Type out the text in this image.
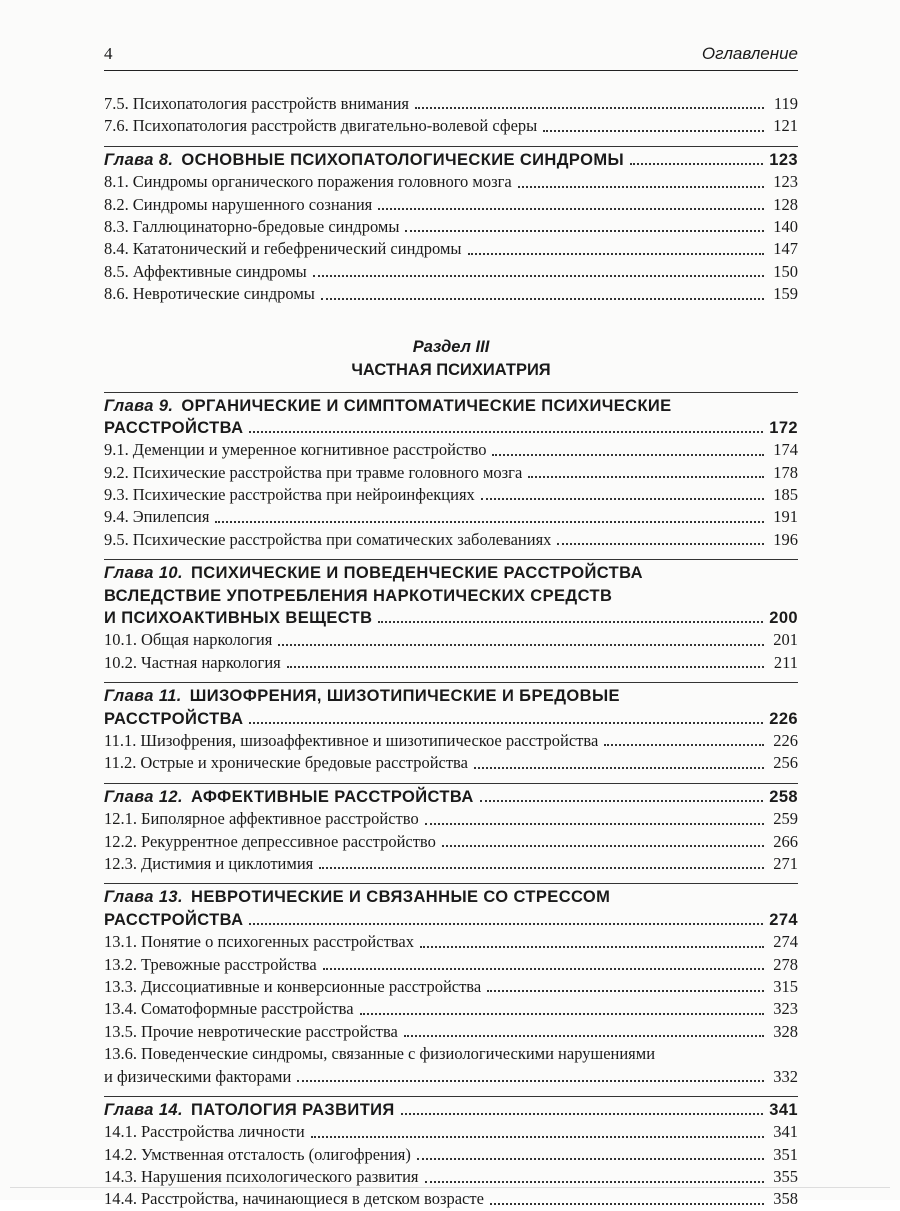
4	Оглавление
7.5. Психопатология расстройств внимания	119
7.6. Психопатология расстройств двигательно-волевой сферы	121
Глава 8. ОСНОВНЫЕ ПСИХОПАТОЛОГИЧЕСКИЕ СИНДРОМЫ	123
8.1. Синдромы органического поражения головного мозга	123
8.2. Синдромы нарушенного сознания	128
8.3. Галлюцинаторно-бредовые синдромы	140
8.4. Кататонический и гебефренический синдромы	147
8.5. Аффективные синдромы	150
8.6. Невротические синдромы	159
Раздел III
ЧАСТНАЯ ПСИХИАТРИЯ
Глава 9. ОРГАНИЧЕСКИЕ И СИМПТОМАТИЧЕСКИЕ ПСИХИЧЕСКИЕ
РАССТРОЙСТВА	172
9.1. Деменции и умеренное когнитивное расстройство	174
9.2. Психические расстройства при травме головного мозга	178
9.3. Психические расстройства при нейроинфекциях	185
9.4. Эпилепсия	191
9.5. Психические расстройства при соматических заболеваниях	196
Глава 10. ПСИХИЧЕСКИЕ И ПОВЕДЕНЧЕСКИЕ РАССТРОЙСТВА
ВСЛЕДСТВИЕ УПОТРЕБЛЕНИЯ НАРКОТИЧЕСКИХ СРЕДСТВ
И ПСИХОАКТИВНЫХ ВЕЩЕСТВ	200
10.1. Общая наркология	201
10.2. Частная наркология	211
Глава 11. ШИЗОФРЕНИЯ, ШИЗОТИПИЧЕСКИЕ И БРЕДОВЫЕ
РАССТРОЙСТВА	226
11.1. Шизофрения, шизоаффективное и шизотипическое расстройства	226
11.2. Острые и хронические бредовые расстройства	256
Глава 12. АФФЕКТИВНЫЕ РАССТРОЙСТВА	258
12.1. Биполярное аффективное расстройство	259
12.2. Рекуррентное депрессивное расстройство	266
12.3. Дистимия и циклотимия	271
Глава 13. НЕВРОТИЧЕСКИЕ И СВЯЗАННЫЕ СО СТРЕССОМ
РАССТРОЙСТВА	274
13.1. Понятие о психогенных расстройствах	274
13.2. Тревожные расстройства	278
13.3. Диссоциативные и конверсионные расстройства	315
13.4. Соматоформные расстройства	323
13.5. Прочие невротические расстройства	328
13.6. Поведенческие синдромы, связанные с физиологическими нарушениями
и физическими факторами	332
Глава 14. ПАТОЛОГИЯ РАЗВИТИЯ	341
14.1. Расстройства личности	341
14.2. Умственная отсталость (олигофрения)	351
14.3. Нарушения психологического развития	355
14.4. Расстройства, начинающиеся в детском возрасте	358
